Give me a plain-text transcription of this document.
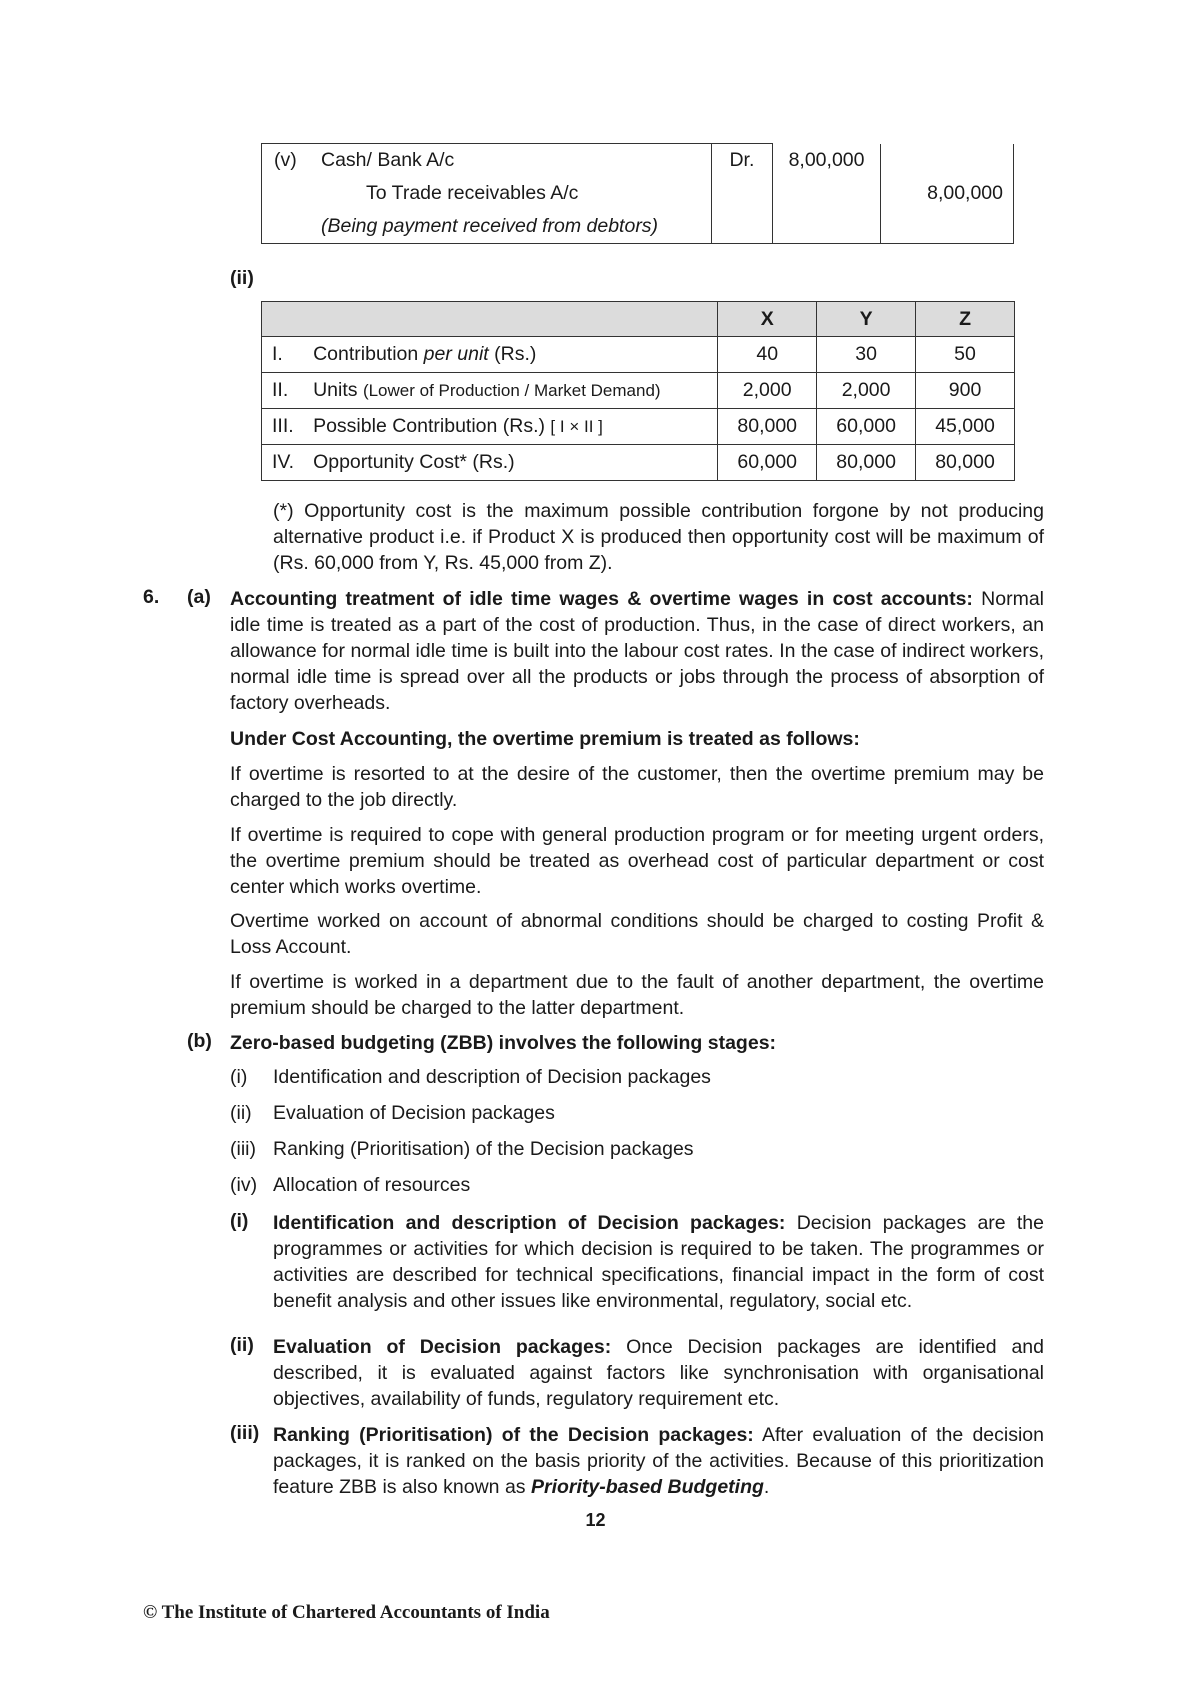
(v)	Cash/ Bank A/c	Dr.	8,00,000	
	To Trade receivables A/c			8,00,000
	(Being payment received from debtors)			
(ii)
		X	Y	Z
I.	Contribution per unit (Rs.)	40	30	50
II.	Units (Lower of Production / Market Demand)	2,000	2,000	900
III.	Possible Contribution (Rs.) [ I × II ]	80,000	60,000	45,000
IV.	Opportunity Cost* (Rs.)	60,000	80,000	80,000
(*) Opportunity cost is the maximum possible contribution forgone by not producing alternative product i.e. if Product X is produced then opportunity cost will be maximum of (Rs. 60,000 from Y, Rs. 45,000 from Z).
6. (a) Accounting treatment of idle time wages & overtime wages in cost accounts: Normal idle time is treated as a part of the cost of production. Thus, in the case of direct workers, an allowance for normal idle time is built into the labour cost rates. In the case of indirect workers, normal idle time is spread over all the products or jobs through the process of absorption of factory overheads.
Under Cost Accounting, the overtime premium is treated as follows:
If overtime is resorted to at the desire of the customer, then the overtime premium may be charged to the job directly.
If overtime is required to cope with general production program or for meeting urgent orders, the overtime premium should be treated as overhead cost of particular department or cost center which works overtime.
Overtime worked on account of abnormal conditions should be charged to costing Profit & Loss Account.
If overtime is worked in a department due to the fault of another department, the overtime premium should be charged to the latter department.
(b) Zero-based budgeting (ZBB) involves the following stages:
(i) Identification and description of Decision packages
(ii) Evaluation of Decision packages
(iii) Ranking (Prioritisation) of the Decision packages
(iv) Allocation of resources
(i) Identification and description of Decision packages: Decision packages are the programmes or activities for which decision is required to be taken. The programmes or activities are described for technical specifications, financial impact in the form of cost benefit analysis and other issues like environmental, regulatory, social etc.
(ii) Evaluation of Decision packages: Once Decision packages are identified and described, it is evaluated against factors like synchronisation with organisational objectives, availability of funds, regulatory requirement etc.
(iii) Ranking (Prioritisation) of the Decision packages: After evaluation of the decision packages, it is ranked on the basis priority of the activities. Because of this prioritization feature ZBB is also known as Priority-based Budgeting.
12
© The Institute of Chartered Accountants of India
